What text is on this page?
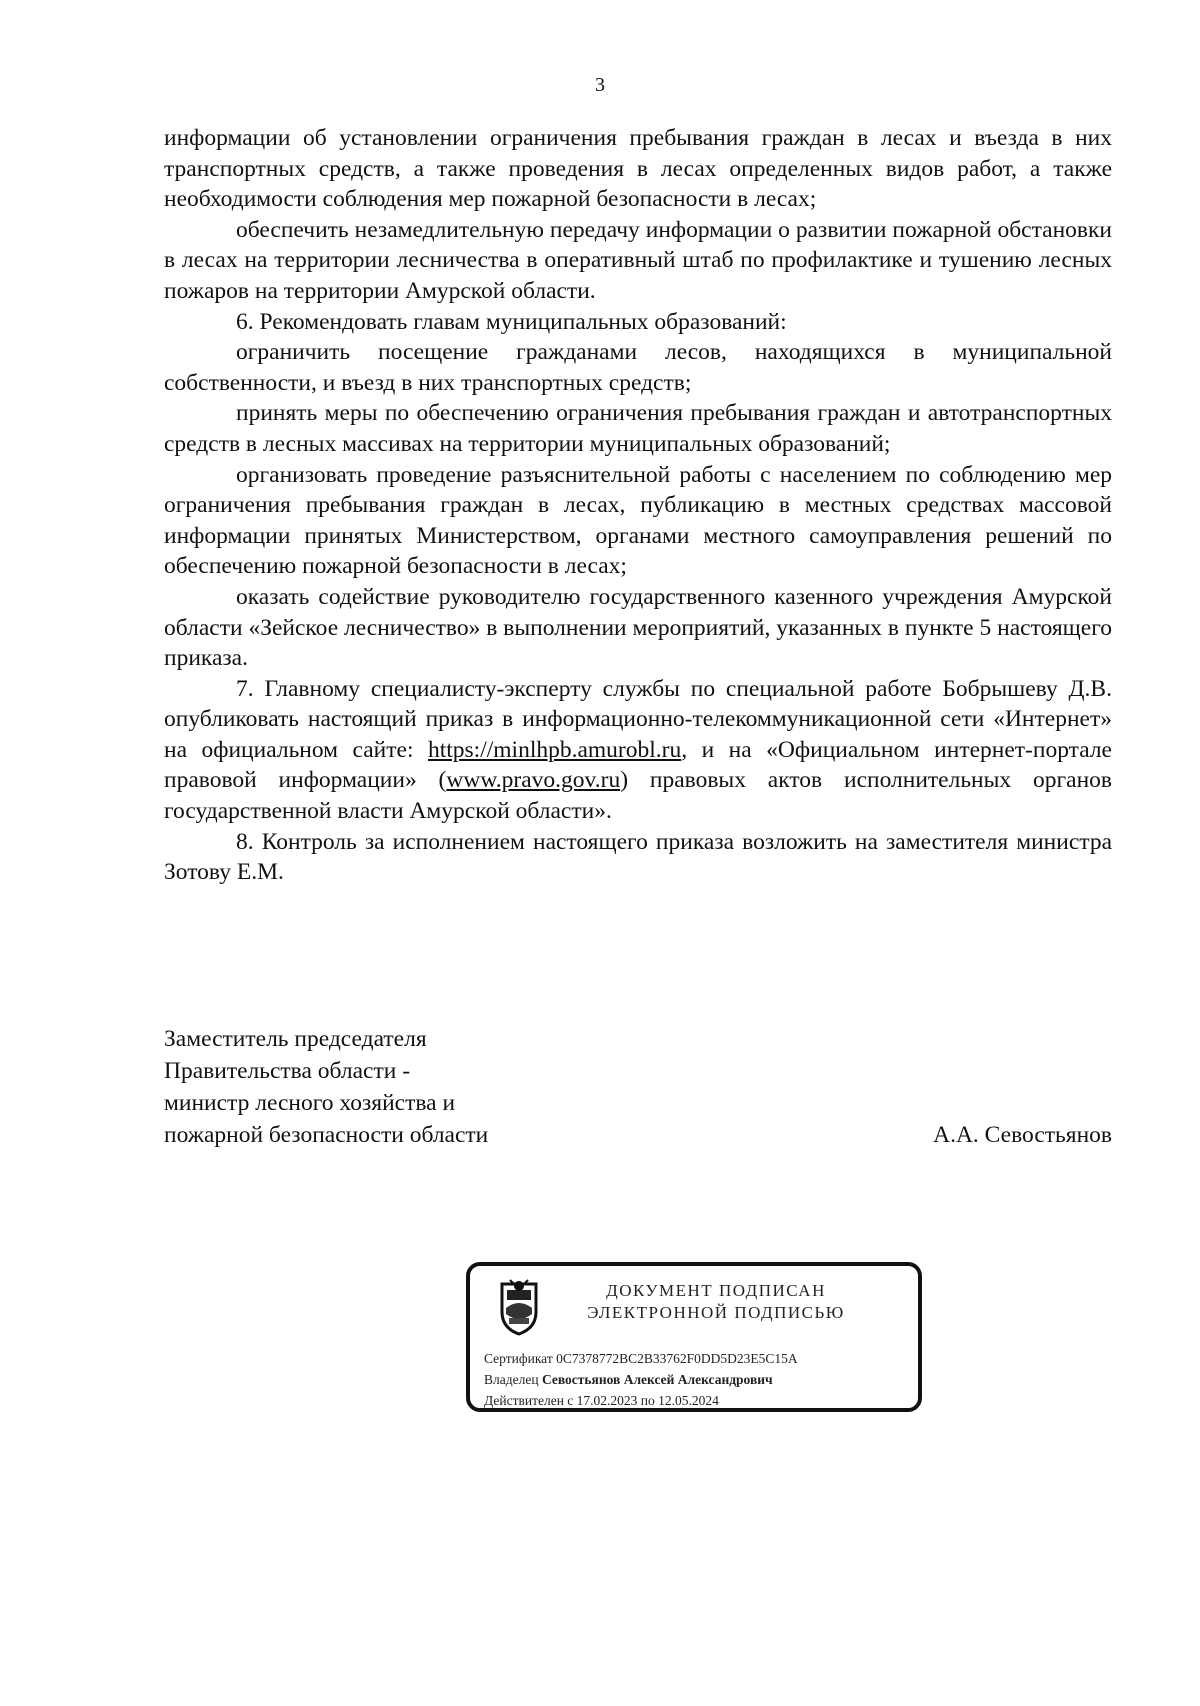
3

информации об установлении ограничения пребывания граждан в лесах и въезда в них транспортных средств, а также проведения в лесах определенных видов работ, а также необходимости соблюдения мер пожарной безопасности в лесах;

обеспечить незамедлительную передачу информации о развитии пожарной обстановки в лесах на территории лесничества в оперативный штаб по профилактике и тушению лесных пожаров на территории Амурской области.

6. Рекомендовать главам муниципальных образований:

ограничить посещение гражданами лесов, находящихся в муниципальной собственности, и въезд в них транспортных средств;

принять меры по обеспечению ограничения пребывания граждан и автотранспортных средств в лесных массивах на территории муниципальных образований;

организовать проведение разъяснительной работы с населением по соблюдению мер ограничения пребывания граждан в лесах, публикацию в местных средствах массовой информации принятых Министерством, органами местного самоуправления решений по обеспечению пожарной безопасности в лесах;

оказать содействие руководителю государственного казенного учреждения Амурской области «Зейское лесничество» в выполнении мероприятий, указанных в пункте 5 настоящего приказа.

7. Главному специалисту-эксперту службы по специальной работе Бобрышеву Д.В. опубликовать настоящий приказ в информационно-телекоммуникационной сети «Интернет» на официальном сайте: https://minlhpb.amurobl.ru, и на «Официальном интернет-портале правовой информации» (www.pravo.gov.ru) правовых актов исполнительных органов государственной власти Амурской области».

8. Контроль за исполнением настоящего приказа возложить на заместителя министра Зотову Е.М.

Заместитель председателя
Правительства области -
министр лесного хозяйства и
пожарной безопасности области	А.А. Севостьянов
ДОКУМЕНТ ПОДПИСАН
ЭЛЕКТРОННОЙ ПОДПИСЬЮ
Сертификат 0C7378772BC2B33762F0DD5D23E5C15A
Владелец Севостьянов Алексей Александрович
Действителен с 17.02.2023 по 12.05.2024
